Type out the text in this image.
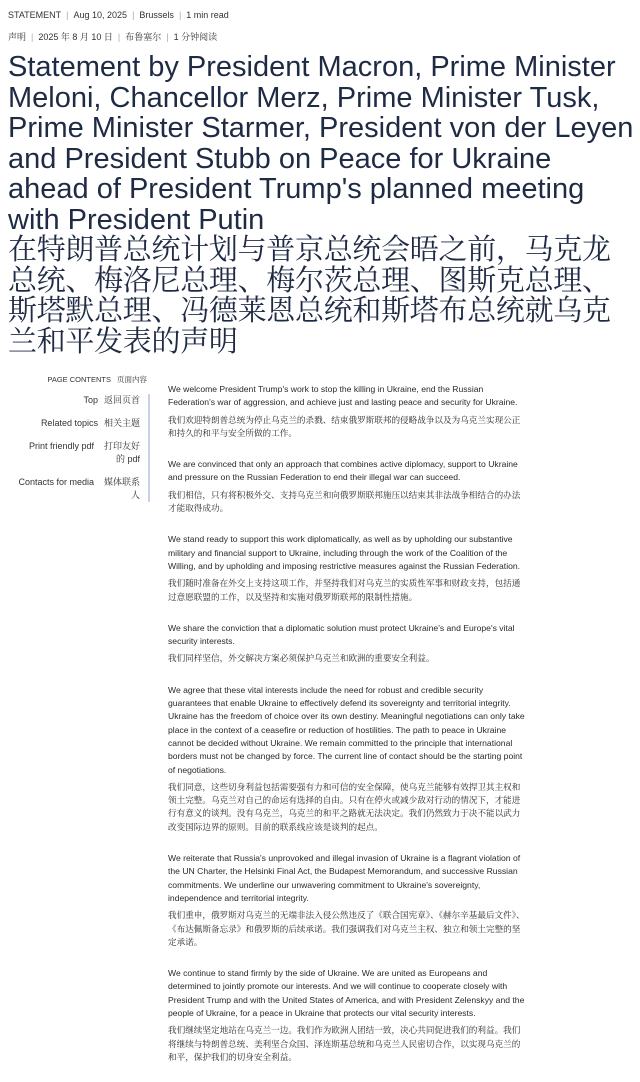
STATEMENT | Aug 10, 2025 | Brussels | 1 min read
声明 | 2025 年 8 月 10 日 | 布鲁塞尔 | 1 分钟阅读
Statement by President Macron, Prime Minister Meloni, Chancellor Merz, Prime Minister Tusk, Prime Minister Starmer, President von der Leyen and President Stubb on Peace for Ukraine ahead of President Trump's planned meeting with President Putin
在特朗普总统计划与普京总统会晤之前，马克龙总统、梅洛尼总理、梅尔茨总理、图斯克总理、斯塔默总理、冯德莱恩总统和斯塔布总统就乌克兰和平发表的声明
PAGE CONTENTS 页面内容
Top 返回页首
Related topics 相关主题
Print friendly pdf	打印友好的 pdf
Contacts for media	媒体联系人

We welcome President Trump's work to stop the killing in Ukraine, end the Russian Federation's war of aggression, and achieve just and lasting peace and security for Ukraine.

我们欢迎特朗普总统为停止乌克兰的杀戮、结束俄罗斯联邦的侵略战争以及为乌克兰实现公正和持久的和平与安全所做的工作。

We are convinced that only an approach that combines active diplomacy, support to Ukraine and pressure on the Russian Federation to end their illegal war can succeed.

我们相信，只有将积极外交、支持乌克兰和向俄罗斯联邦施压以结束其非法战争相结合的办法才能取得成功。

We stand ready to support this work diplomatically, as well as by upholding our substantive military and financial support to Ukraine, including through the work of the Coalition of the Willing, and by upholding and imposing restrictive measures against the Russian Federation.

我们随时准备在外交上支持这项工作，并坚持我们对乌克兰的实质性军事和财政支持，包括通过意愿联盟的工作，以及坚持和实施对俄罗斯联邦的限制性措施。

We share the conviction that a diplomatic solution must protect Ukraine's and Europe's vital security interests.

我们同样坚信，外交解决方案必须保护乌克兰和欧洲的重要安全利益。

We agree that these vital interests include the need for robust and credible security guarantees that enable Ukraine to effectively defend its sovereignty and territorial integrity. Ukraine has the freedom of choice over its own destiny. Meaningful negotiations can only take place in the context of a ceasefire or reduction of hostilities. The path to peace in Ukraine cannot be decided without Ukraine. We remain committed to the principle that international borders must not be changed by force. The current line of contact should be the starting point of negotiations.

我们同意，这些切身利益包括需要强有力和可信的安全保障，使乌克兰能够有效捍卫其主权和领土完整。乌克兰对自己的命运有选择的自由。只有在停火或减少敌对行动的情况下，才能进行有意义的谈判。没有乌克兰，乌克兰的和平之路就无法决定。我们仍然致力于决不能以武力改变国际边界的原则。目前的联系线应该是谈判的起点。

We reiterate that Russia's unprovoked and illegal invasion of Ukraine is a flagrant violation of the UN Charter, the Helsinki Final Act, the Budapest Memorandum, and successive Russian commitments. We underline our unwavering commitment to Ukraine's sovereignty, independence and territorial integrity.

我们重申，俄罗斯对乌克兰的无端非法入侵公然违反了《联合国宪章》、《赫尔辛基最后文件》、《布达佩斯备忘录》和俄罗斯的后续承诺。我们强调我们对乌克兰主权、独立和领土完整的坚定承诺。

We continue to stand firmly by the side of Ukraine. We are united as Europeans and determined to jointly promote our interests. And we will continue to cooperate closely with President Trump and with the United States of America, and with President Zelenskyy and the people of Ukraine, for a peace in Ukraine that protects our vital security interests.

我们继续坚定地站在乌克兰一边。我们作为欧洲人团结一致，决心共同促进我们的利益。我们将继续与特朗普总统、美利坚合众国、泽连斯基总统和乌克兰人民密切合作，以实现乌克兰的和平，保护我们的切身安全利益。
